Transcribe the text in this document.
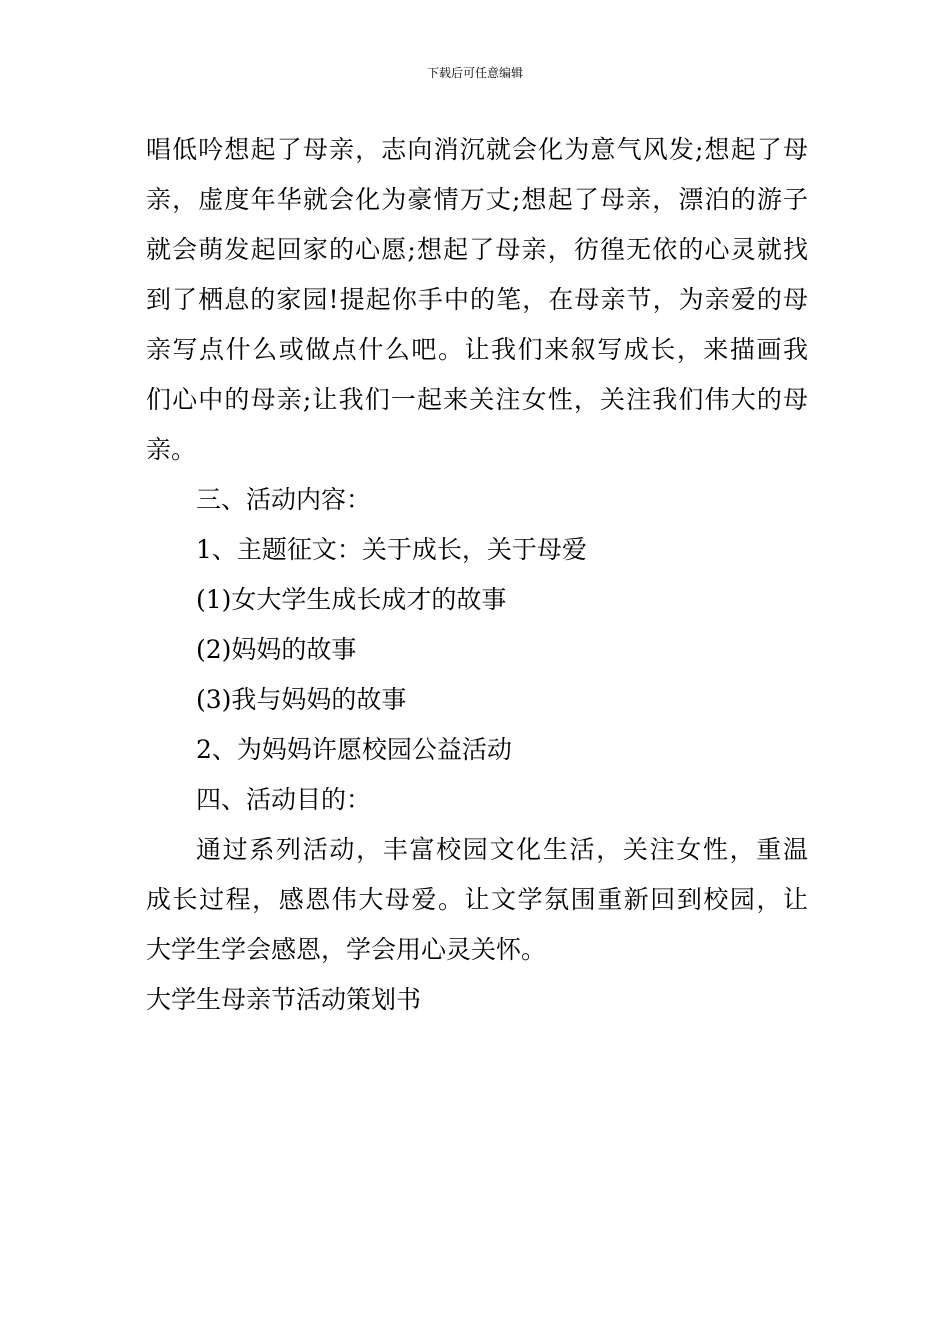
下载后可任意编辑

唱低吟想起了母亲，志向消沉就会化为意气风发;想起了母
亲，虚度年华就会化为豪情万丈;想起了母亲，漂泊的游子
就会萌发起回家的心愿;想起了母亲，彷徨无依的心灵就找
到了栖息的家园!提起你手中的笔，在母亲节，为亲爱的母
亲写点什么或做点什么吧。让我们来叙写成长，来描画我
们心中的母亲;让我们一起来关注女性，关注我们伟大的母
亲。

三、活动内容：

1、主题征文：关于成长，关于母爱

(1)女大学生成长成才的故事

(2)妈妈的故事

(3)我与妈妈的故事

2、为妈妈许愿校园公益活动

四、活动目的：

通过系列活动，丰富校园文化生活，关注女性，重温
成长过程，感恩伟大母爱。让文学氛围重新回到校园，让
大学生学会感恩，学会用心灵关怀。

大学生母亲节活动策划书
